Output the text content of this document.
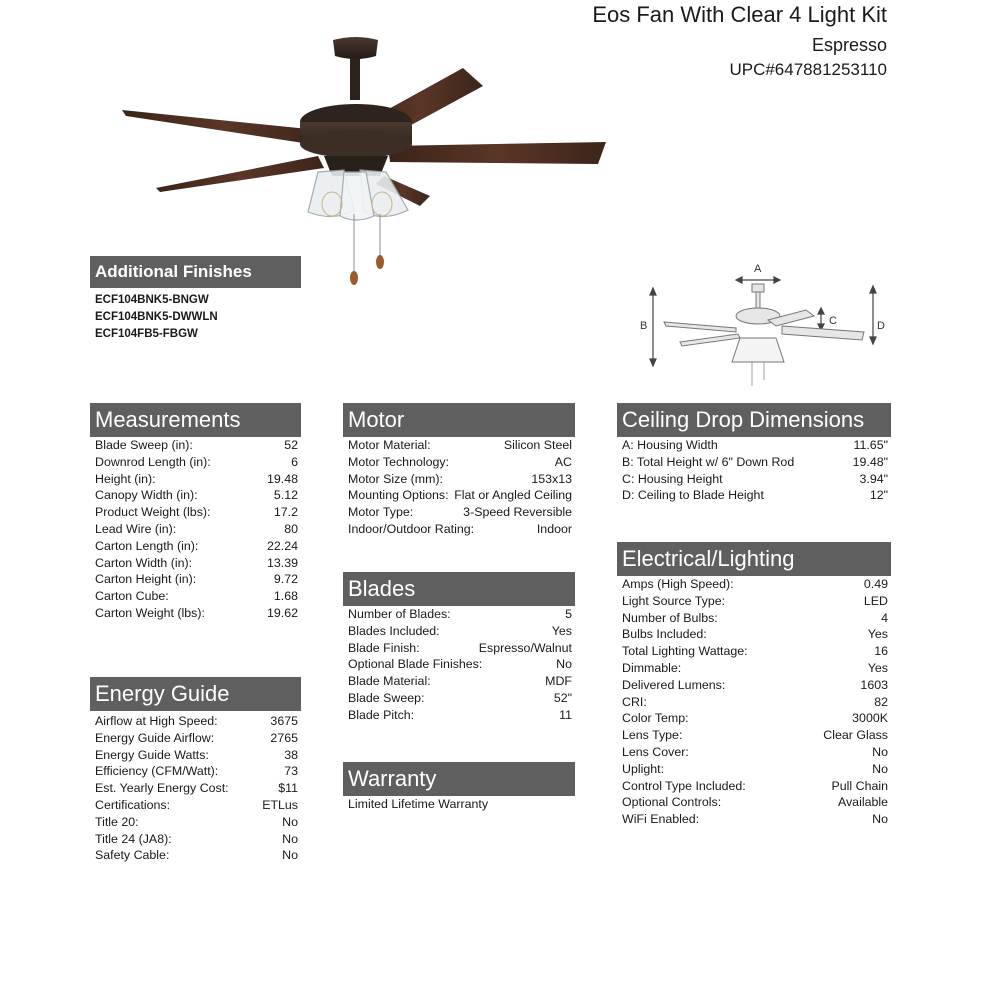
Eos Fan With Clear 4 Light Kit
Espresso
UPC#647881253110
Additional Finishes
ECF104BNK5-BNGW
ECF104BNK5-DWWLN
ECF104FB5-FBGW
A
B	C	D
Measurements
Blade Sweep (in):	52
Downrod Length (in):	6
Height (in):	19.48
Canopy Width (in):	5.12
Product Weight (lbs):	17.2
Lead Wire (in):	80
Carton Length (in):	22.24
Carton Width (in):	13.39
Carton Height (in):	9.72
Carton Cube:	1.68
Carton Weight (lbs):	19.62
Energy Guide
Airflow at High Speed:	3675
Energy Guide Airflow:	2765
Energy Guide Watts:	38
Efficiency (CFM/Watt):	73
Est. Yearly Energy Cost:	$11
Certifications:	ETLus
Title 20:	No
Title 24 (JA8):	No
Safety Cable:	No
Motor
Motor Material:	Silicon Steel
Motor Technology:	AC
Motor Size (mm):	153x13
Mounting Options: Flat or Angled Ceiling
Motor Type:	3-Speed Reversible
Indoor/Outdoor Rating:	Indoor
Blades
Number of Blades:	5
Blades Included:	Yes
Blade Finish:	Espresso/Walnut
Optional Blade Finishes:	No
Blade Material:	MDF
Blade Sweep:	52"
Blade Pitch:	11
Warranty
Limited Lifetime Warranty
Ceiling Drop Dimensions
A: Housing Width	11.65"
B: Total Height w/ 6" Down Rod	19.48"
C: Housing Height	3.94"
D: Ceiling to Blade Height	12"
Electrical/Lighting
Amps (High Speed):	0.49
Light Source Type:	LED
Number of Bulbs:	4
Bulbs Included:	Yes
Total Lighting Wattage:	16
Dimmable:	Yes
Delivered Lumens:	1603
CRI:	82
Color Temp:	3000K
Lens Type:	Clear Glass
Lens Cover:	No
Uplight:	No
Control Type Included:	Pull Chain
Optional Controls:	Available
WiFi Enabled:	No
